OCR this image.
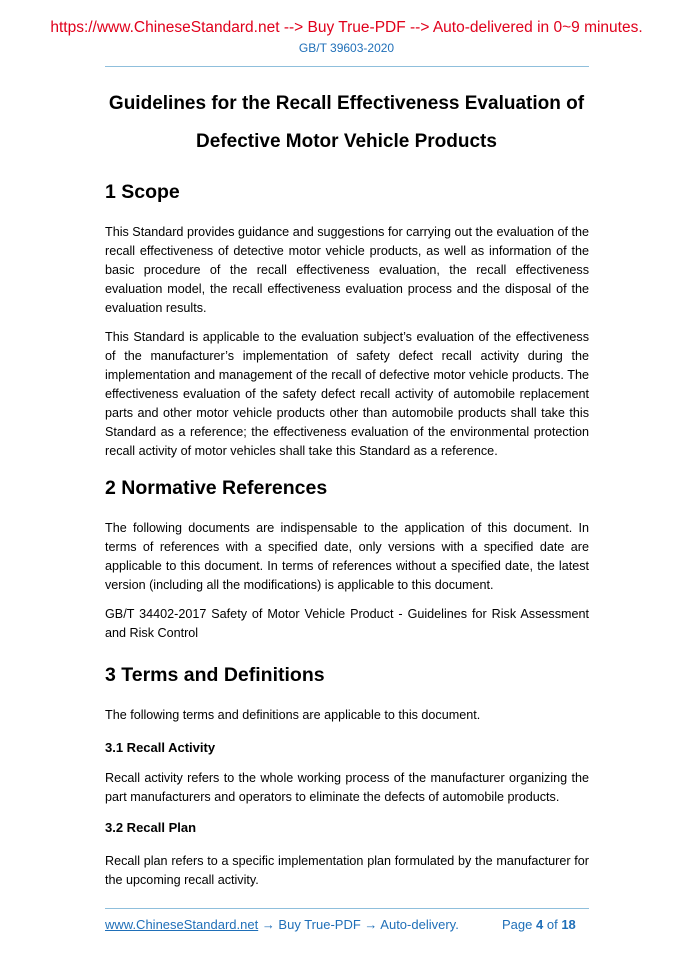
https://www.ChineseStandard.net --> Buy True-PDF --> Auto-delivered in 0~9 minutes.
GB/T 39603-2020
Guidelines for the Recall Effectiveness Evaluation of
Defective Motor Vehicle Products
1 Scope
This Standard provides guidance and suggestions for carrying out the evaluation of the recall effectiveness of detective motor vehicle products, as well as information of the basic procedure of the recall effectiveness evaluation, the recall effectiveness evaluation model, the recall effectiveness evaluation process and the disposal of the evaluation results.
This Standard is applicable to the evaluation subject’s evaluation of the effectiveness of the manufacturer’s implementation of safety defect recall activity during the implementation and management of the recall of defective motor vehicle products. The effectiveness evaluation of the safety defect recall activity of automobile replacement parts and other motor vehicle products other than automobile products shall take this Standard as a reference; the effectiveness evaluation of the environmental protection recall activity of motor vehicles shall take this Standard as a reference.
2 Normative References
The following documents are indispensable to the application of this document. In terms of references with a specified date, only versions with a specified date are applicable to this document. In terms of references without a specified date, the latest version (including all the modifications) is applicable to this document.
GB/T 34402-2017 Safety of Motor Vehicle Product - Guidelines for Risk Assessment and Risk Control
3 Terms and Definitions
The following terms and definitions are applicable to this document.
3.1 Recall Activity
Recall activity refers to the whole working process of the manufacturer organizing the part manufacturers and operators to eliminate the defects of automobile products.
3.2 Recall Plan
Recall plan refers to a specific implementation plan formulated by the manufacturer for the upcoming recall activity.
www.ChineseStandard.net → Buy True-PDF → Auto-delivery.	Page 4 of 18
